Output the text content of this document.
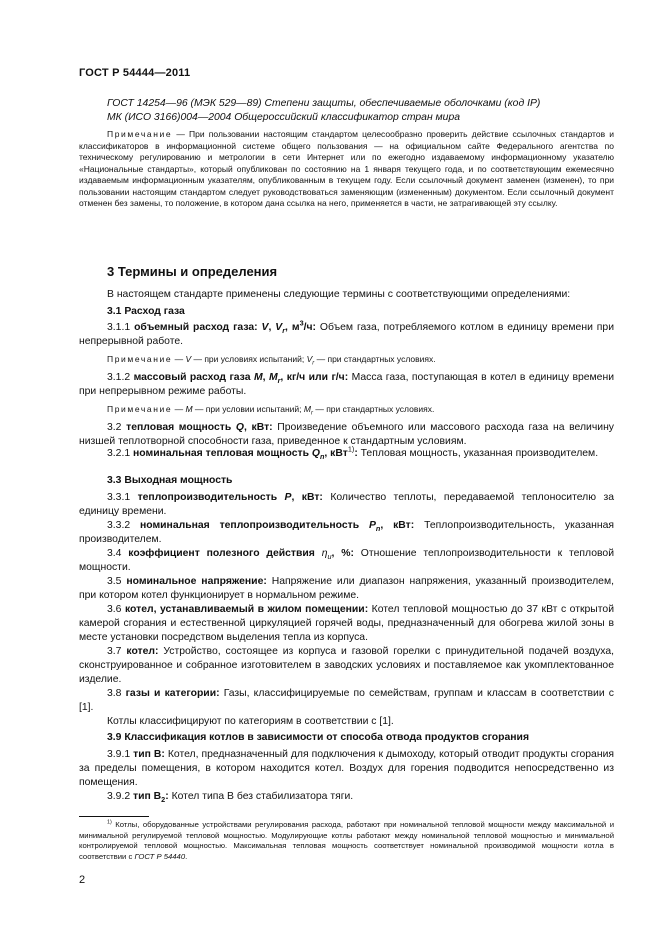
ГОСТ Р 54444—2011
ГОСТ 14254—96 (МЭК 529—89) Степени защиты, обеспечиваемые оболочками (код IP)
МК (ИСО 3166)004—2004 Общероссийский классификатор стран мира
Примечание — При пользовании настоящим стандартом целесообразно проверить действие ссылочных стандартов и классификаторов в информационной системе общего пользования — на официальном сайте Федерального агентства по техническому регулированию и метрологии в сети Интернет или по ежегодно издаваемому информационному указателю «Национальные стандарты», который опубликован по состоянию на 1 января текущего года, и по соответствующим ежемесячно издаваемым информационным указателям, опубликованным в текущем году. Если ссылочный документ заменен (изменен), то при пользовании настоящим стандартом следует руководствоваться заменяющим (измененным) документом. Если ссылочный документ отменен без замены, то положение, в котором дана ссылка на него, применяется в части, не затрагивающей эту ссылку.
3 Термины и определения
В настоящем стандарте применены следующие термины с соответствующими определениями:
3.1 Расход газа
3.1.1 объемный расход газа: V, $V_r$, $м^3/ч$: Объем газа, потребляемого котлом в единицу времени при непрерывной работе.
Примечание — V — при условиях испытаний; $V_r$ — при стандартных условиях.
3.1.2 массовый расход газа M, $M_r$, кг/ч или г/ч: Масса газа, поступающая в котел в единицу времени при непрерывном режиме работы.
Примечание — M — при условии испытаний; $M_r$ — при стандартных условиях.
3.2 тепловая мощность Q, кВт: Произведение объемного или массового расхода газа на величину низшей теплотворной способности газа, приведенное к стандартным условиям.
3.2.1 номинальная тепловая мощность $Q_n$, кВт$^{1)}$: Тепловая мощность, указанная производителем.
3.3 Выходная мощность
3.3.1 теплопроизводительность P, кВт: Количество теплоты, передаваемой теплоносителю за единицу времени.
3.3.2 номинальная теплопроизводительность $P_n$, кВт: Теплопроизводительность, указанная производителем.
3.4 коэффициент полезного действия $\eta_u$, %: Отношение теплопроизводительности к тепловой мощности.
3.5 номинальное напряжение: Напряжение или диапазон напряжения, указанный производителем, при котором котел функционирует в нормальном режиме.
3.6 котел, устанавливаемый в жилом помещении: Котел тепловой мощностью до 37 кВт с открытой камерой сгорания и естественной циркуляцией горячей воды, предназначенный для обогрева жилой зоны в месте установки посредством выделения тепла из корпуса.
3.7 котел: Устройство, состоящее из корпуса и газовой горелки с принудительной подачей воздуха, сконструированное и собранное изготовителем в заводских условиях и поставляемое как укомплектованное изделие.
3.8 газы и категории: Газы, классифицируемые по семействам, группам и классам в соответствии с [1].
Котлы классифицируют по категориям в соответствии с [1].
3.9 Классификация котлов в зависимости от способа отвода продуктов сгорания
3.9.1 тип B: Котел, предназначенный для подключения к дымоходу, который отводит продукты сгорания за пределы помещения, в котором находится котел. Воздух для горения подводится непосредственно из помещения.
3.9.2 тип $B_2$: Котел типа B без стабилизатора тяги.
$^{1)}$ Котлы, оборудованные устройствами регулирования расхода, работают при номинальной тепловой мощности между максимальной и минимальной регулируемой тепловой мощностью. Модулирующие котлы работают между номинальной тепловой мощностью и минимальной контролируемой тепловой мощностью. Максимальная тепловая мощность соответствует номинальной производимой мощности котла в соответствии с ГОСТ Р 54440.
2
